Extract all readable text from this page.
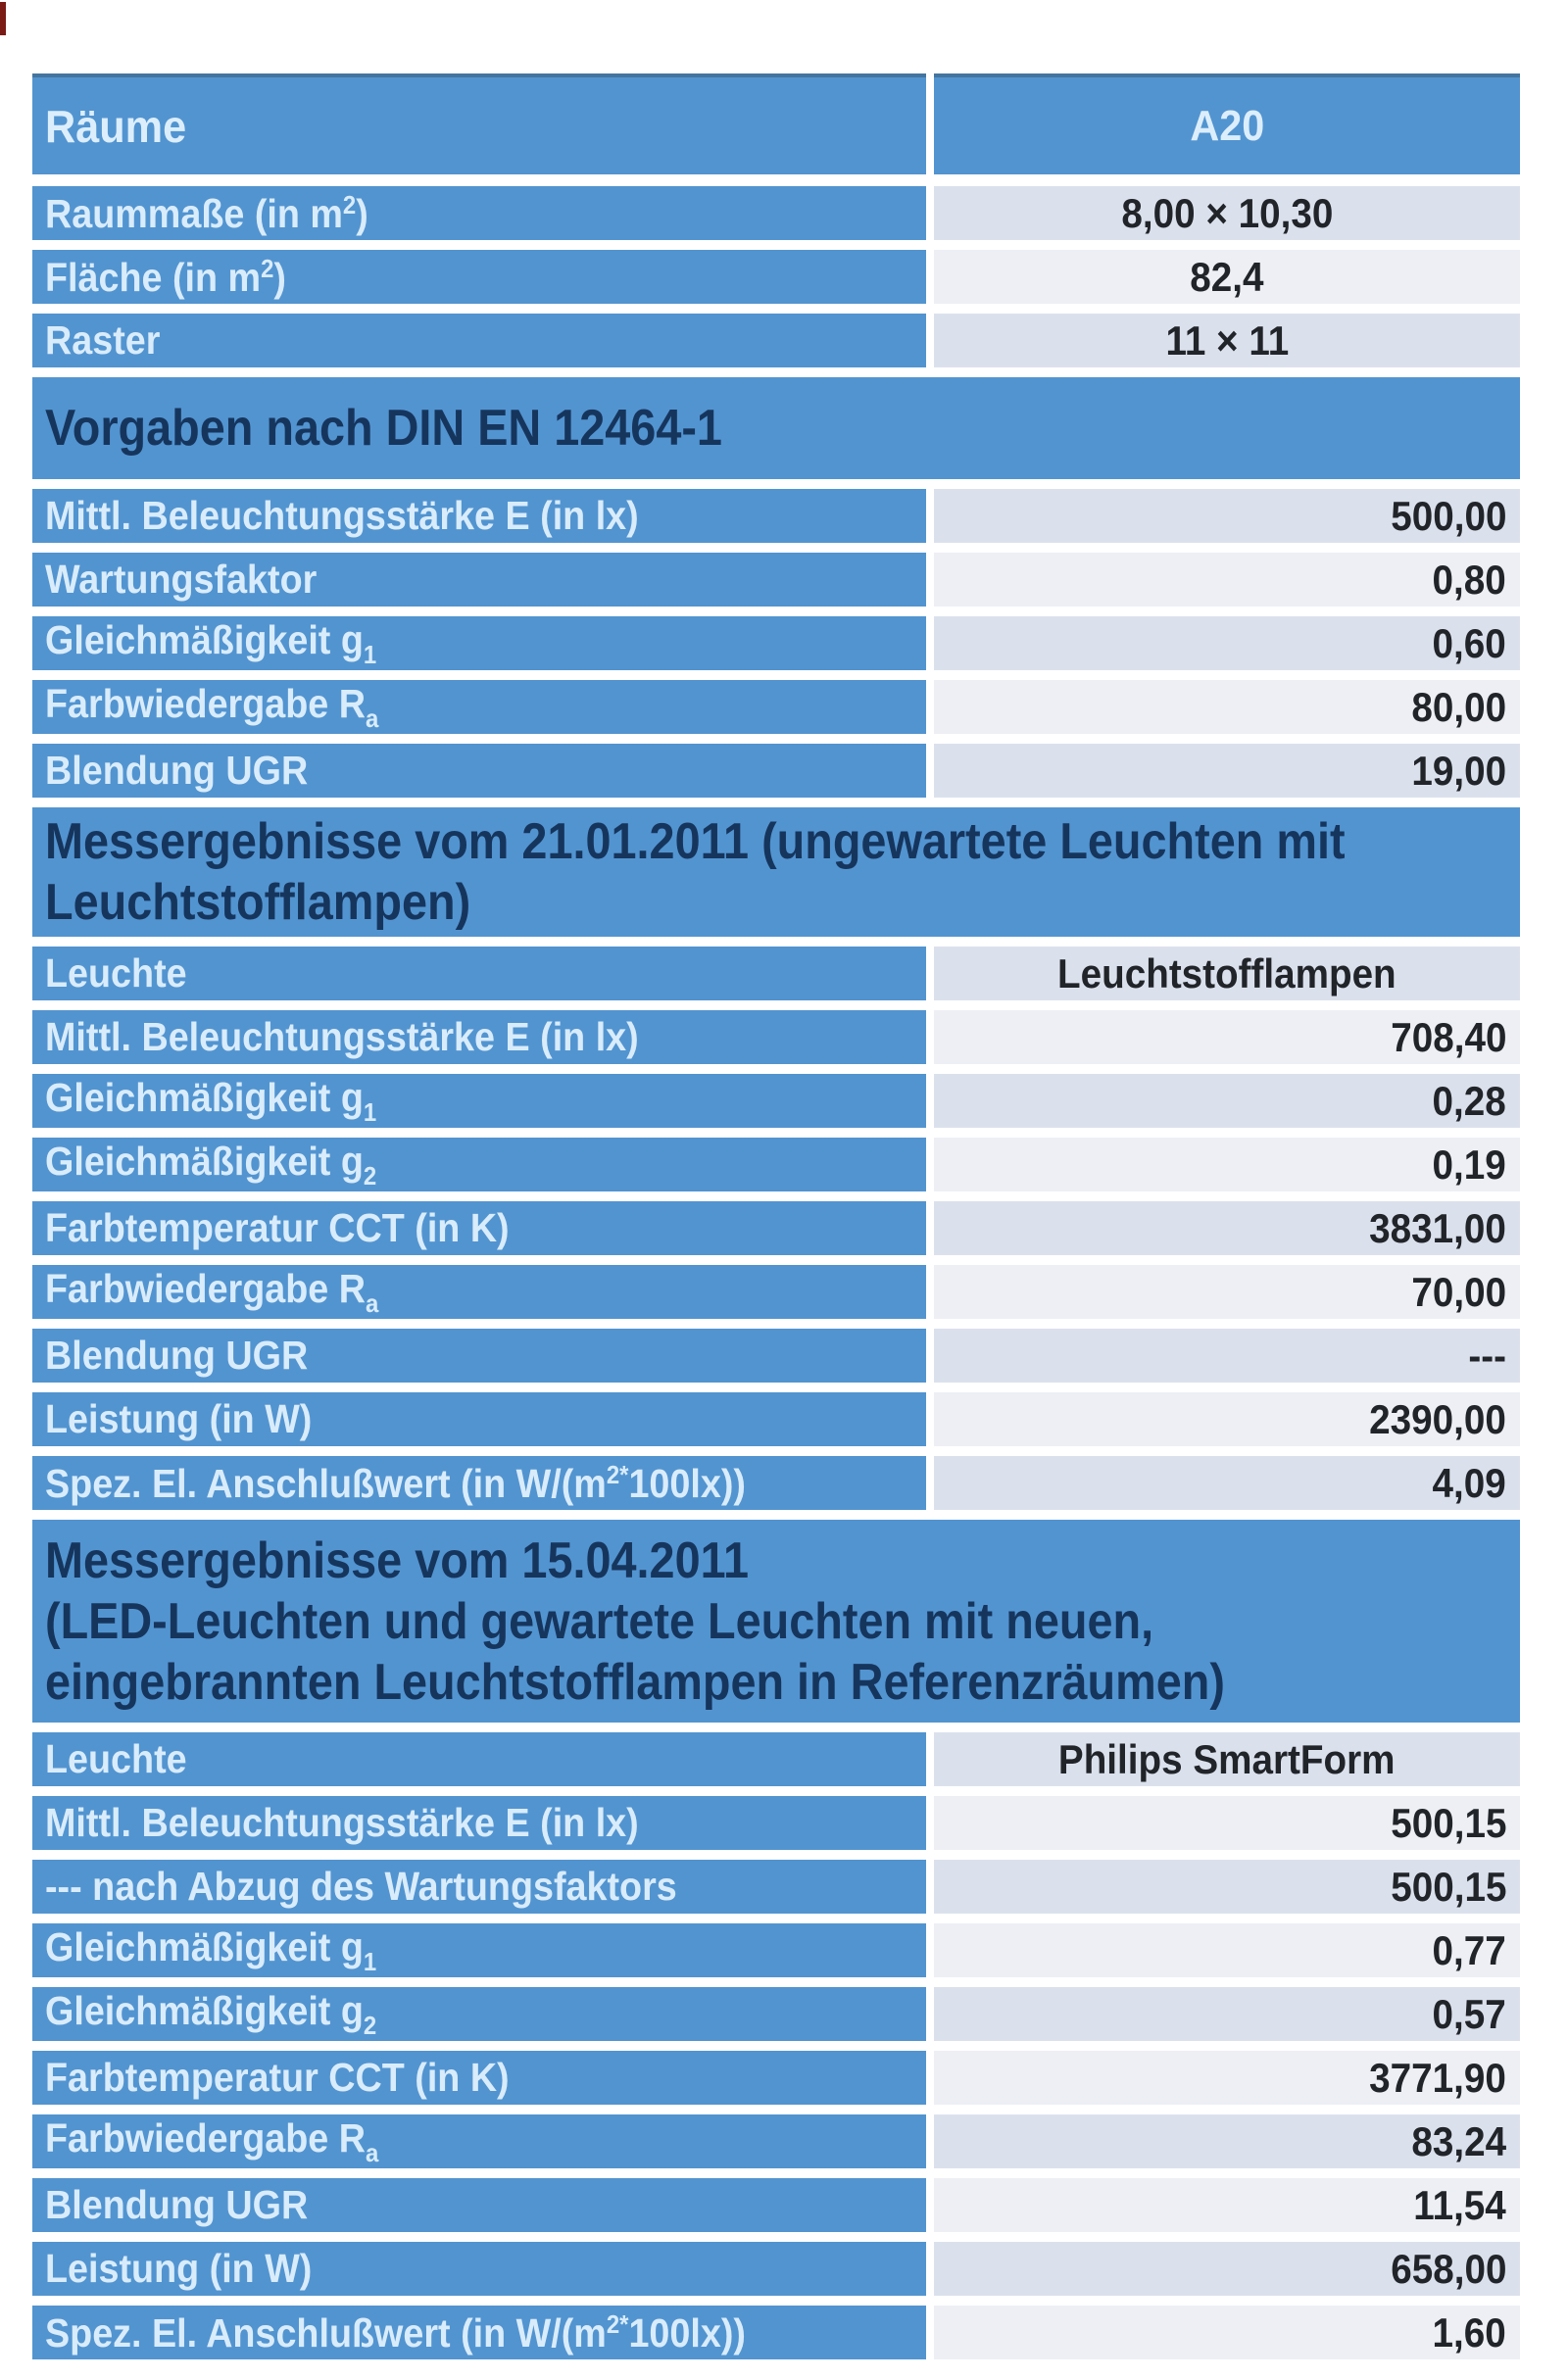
Räume	A20
Raummaße (in $m^2$)	8,00 × 10,30
Fläche (in $m^2$)	82,4
Raster	11 × 11
Vorgaben nach DIN EN 12464-1
Mittl. Beleuchtungsstärke E (in lx)	500,00
Wartungsfaktor	0,80
Gleichmäßigkeit $g_1$	0,60
Farbwiedergabe $R_a$	80,00
Blendung UGR	19,00
Messergebnisse vom 21.01.2011 (ungewartete Leuchten mit
Leuchtstofflampen)
Leuchte	Leuchtstofflampen
Mittl. Beleuchtungsstärke E (in lx)	708,40
Gleichmäßigkeit $g_1$	0,28
Gleichmäßigkeit $g_2$	0,19
Farbtemperatur CCT (in K)	3831,00
Farbwiedergabe $R_a$	70,00
Blendung UGR	---
Leistung (in W)	2390,00
Spez. El. Anschlußwert (in $W/(m^{2*}100lx)$)	4,09
Messergebnisse vom 15.04.2011
(LED-Leuchten und gewartete Leuchten mit neuen,
eingebrannten Leuchtstofflampen in Referenzräumen)
Leuchte	Philips SmartForm
Mittl. Beleuchtungsstärke E (in lx)	500,15
--- nach Abzug des Wartungsfaktors	500,15
Gleichmäßigkeit $g_1$	0,77
Gleichmäßigkeit $g_2$	0,57
Farbtemperatur CCT (in K)	3771,90
Farbwiedergabe $R_a$	83,24
Blendung UGR	11,54
Leistung (in W)	658,00
Spez. El. Anschlußwert (in $W/(m^{2*}100lx)$)	1,60
